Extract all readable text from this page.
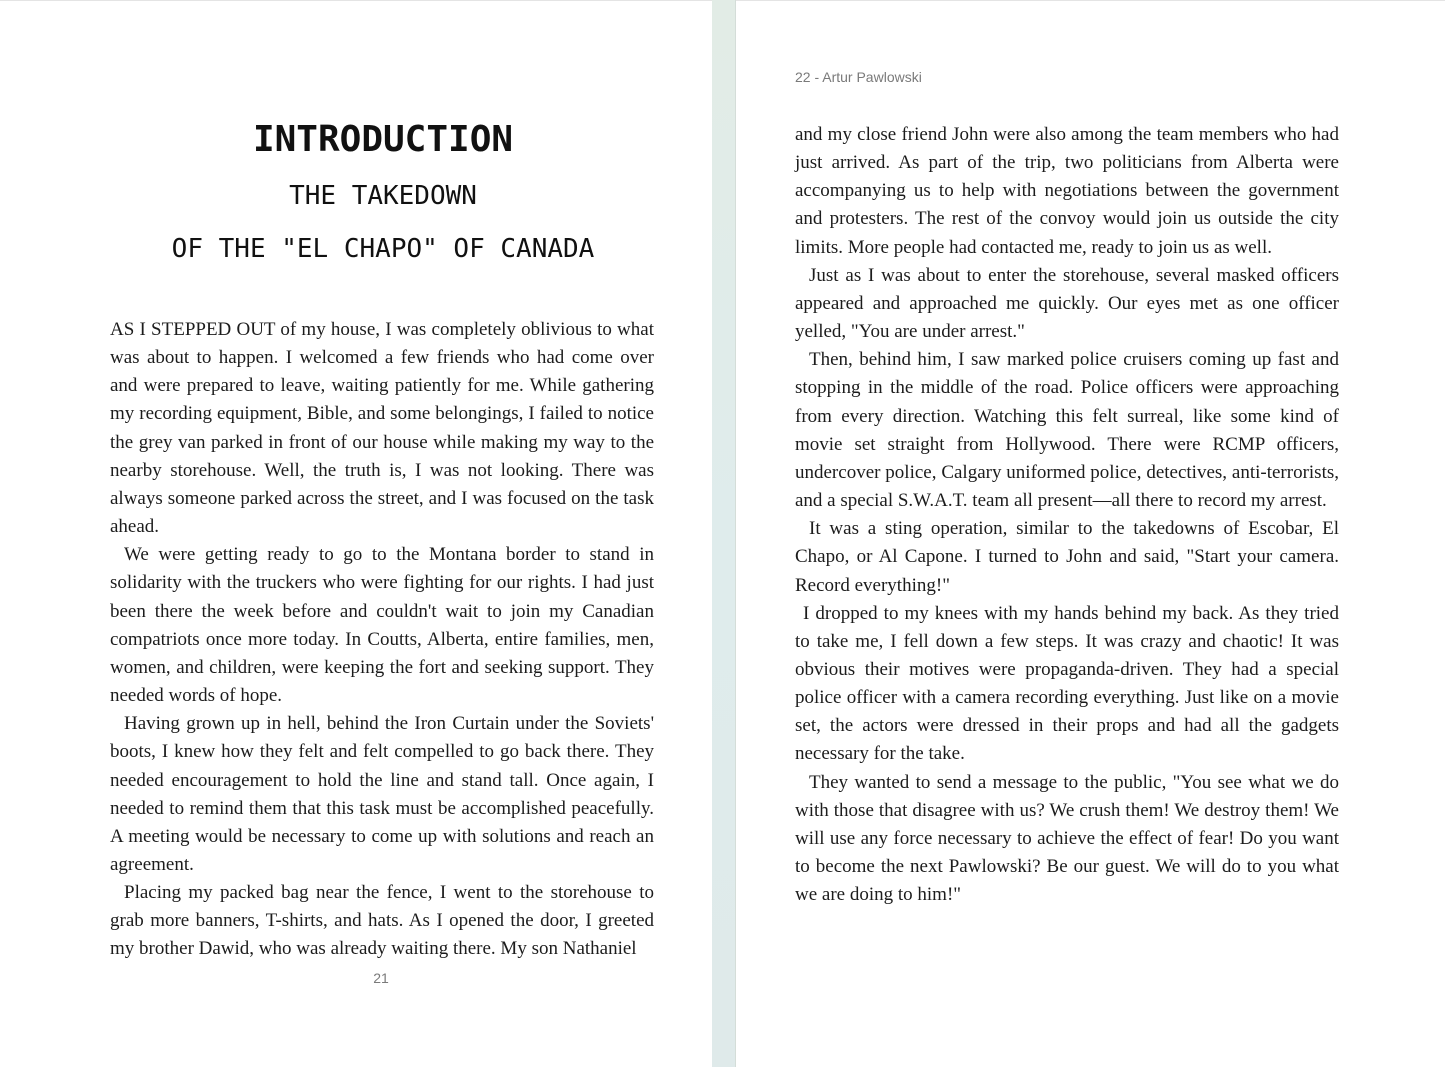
INTRODUCTION
THE TAKEDOWN
OF THE "EL CHAPO" OF CANADA

AS I STEPPED OUT of my house, I was completely oblivious to what was about to happen. I welcomed a few friends who had come over and were prepared to leave, waiting patiently for me. While gathering my recording equipment, Bible, and some belongings, I failed to notice the grey van parked in front of our house while making my way to the nearby storehouse. Well, the truth is, I was not looking. There was always someone parked across the street, and I was focused on the task ahead.

We were getting ready to go to the Montana border to stand in solidarity with the truckers who were fighting for our rights. I had just been there the week before and couldn't wait to join my Canadian compatriots once more today. In Coutts, Alberta, entire families, men, women, and children, were keeping the fort and seeking support. They needed words of hope.

Having grown up in hell, behind the Iron Curtain under the Soviets' boots, I knew how they felt and felt compelled to go back there. They needed encouragement to hold the line and stand tall. Once again, I needed to remind them that this task must be accomplished peacefully. A meeting would be necessary to come up with solutions and reach an agreement.

Placing my packed bag near the fence, I went to the storehouse to grab more banners, T-shirts, and hats. As I opened the door, I greeted my brother Dawid, who was already waiting there. My son Nathaniel

21
22 - Artur Pawlowski

and my close friend John were also among the team members who had just arrived. As part of the trip, two politicians from Alberta were accompanying us to help with negotiations between the government and protesters. The rest of the convoy would join us outside the city limits. More people had contacted me, ready to join us as well.

Just as I was about to enter the storehouse, several masked officers appeared and approached me quickly. Our eyes met as one officer yelled, "You are under arrest."

Then, behind him, I saw marked police cruisers coming up fast and stopping in the middle of the road. Police officers were approaching from every direction. Watching this felt surreal, like some kind of movie set straight from Hollywood. There were RCMP officers, undercover police, Calgary uniformed police, detectives, anti-terrorists, and a special S.W.A.T. team all present—all there to record my arrest.

It was a sting operation, similar to the takedowns of Escobar, El Chapo, or Al Capone. I turned to John and said, "Start your camera. Record everything!"

I dropped to my knees with my hands behind my back. As they tried to take me, I fell down a few steps. It was crazy and chaotic! It was obvious their motives were propaganda-driven. They had a special police officer with a camera recording everything. Just like on a movie set, the actors were dressed in their props and had all the gadgets necessary for the take.

They wanted to send a message to the public, "You see what we do with those that disagree with us? We crush them! We destroy them! We will use any force necessary to achieve the effect of fear! Do you want to become the next Pawlowski? Be our guest. We will do to you what we are doing to him!"
